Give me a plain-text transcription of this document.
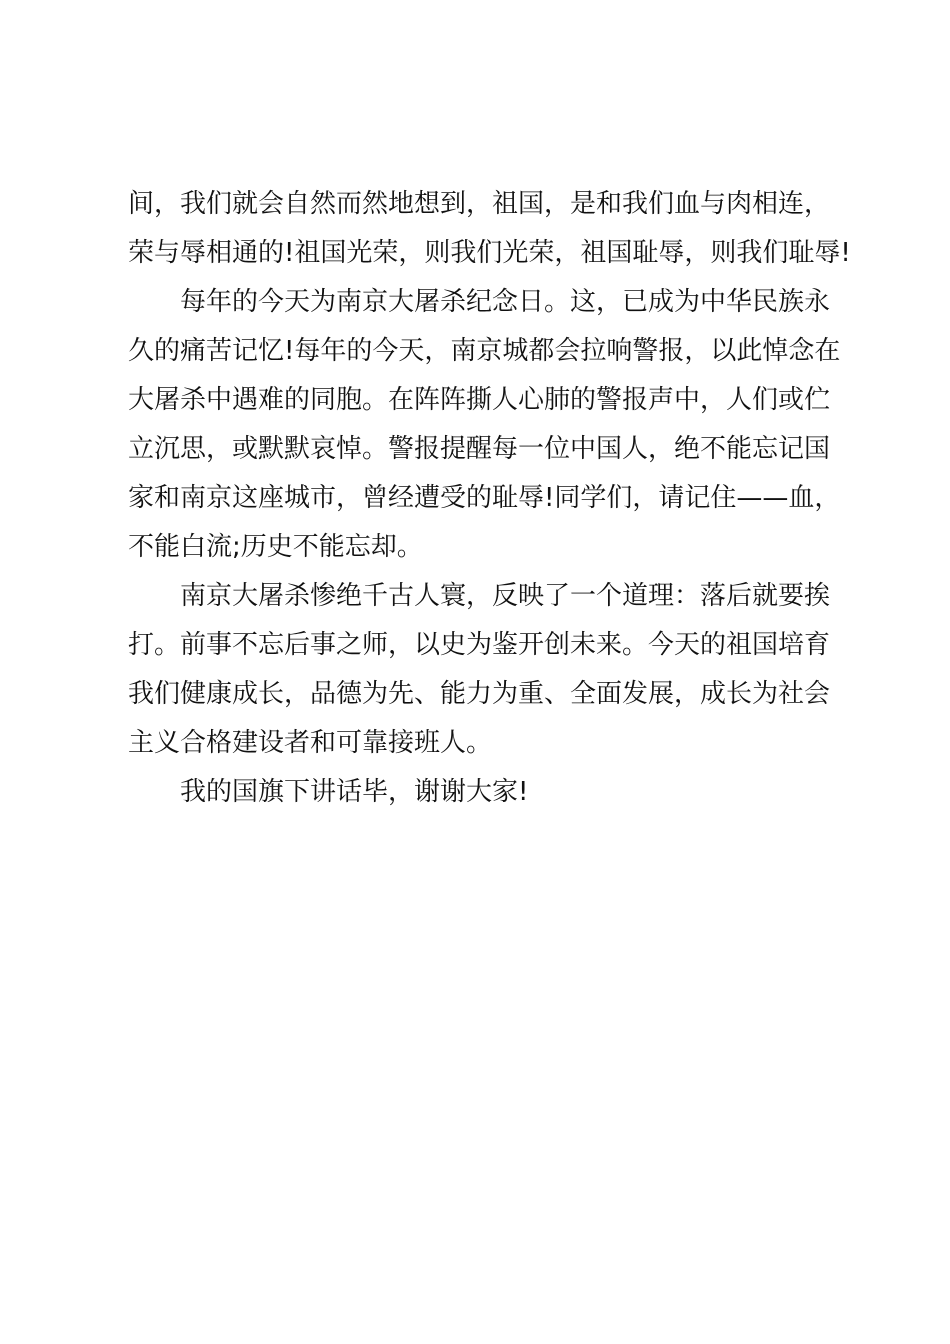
间，我们就会自然而然地想到，祖国，是和我们血与肉相连，
荣与辱相通的!祖国光荣，则我们光荣，祖国耻辱，则我们耻辱!

每年的今天为南京大屠杀纪念日。这，已成为中华民族永
久的痛苦记忆!每年的今天，南京城都会拉响警报，以此悼念在
大屠杀中遇难的同胞。在阵阵撕人心肺的警报声中，人们或伫
立沉思，或默默哀悼。警报提醒每一位中国人，绝不能忘记国
家和南京这座城市，曾经遭受的耻辱!同学们，请记住——血，
不能白流;历史不能忘却。

南京大屠杀惨绝千古人寰，反映了一个道理：落后就要挨
打。前事不忘后事之师，以史为鉴开创未来。今天的祖国培育
我们健康成长，品德为先、能力为重、全面发展，成长为社会
主义合格建设者和可靠接班人。

我的国旗下讲话毕，谢谢大家!
